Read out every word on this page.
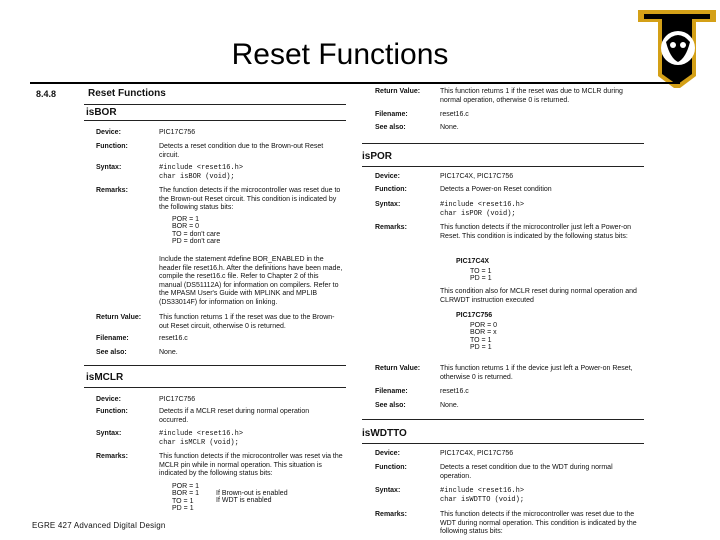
Reset Functions
8.4.8	Reset Functions
isBOR
Device:	PIC17C756
Function:	Detects a reset condition due to the Brown-out Reset circuit.
Syntax:	#include <reset16.h>
char isBOR (void);
Remarks:	The function detects if the microcontroller was reset due to the Brown-out Reset circuit. This condition is indicated by the following status bits:
POR = 1
BOR = 0
TO = don't care
PD = don't care
Include the statement #define BOR_ENABLED in the header file reset16.h. After the definitions have been made, compile the reset16.c file. Refer to Chapter 2 of this manual (DS51112A) for information on compilers. Refer to the MPASM User's Guide with MPLINK and MPLIB (DS33014F) for information on linking.
Return Value:	This function returns 1 if the reset was due to the Brown- out Reset circuit, otherwise 0 is returned.
Filename:	reset16.c
See also:	None.
isMCLR
Device:	PIC17C756
Function:	Detects if a MCLR reset during normal operation occurred.
Syntax:	#include <reset16.h>
char isMCLR (void);
Remarks:	This function detects if the microcontroller was reset via the MCLR pin while in normal operation. This situation is indicated by the following status bits:
POR = 1
BOR = 1
TO = 1
PD = 1
If Brown-out is enabled
If WDT is enabled
Return Value:	This function returns 1 if the reset was due to MCLR during normal operation, otherwise 0 is returned.
Filename:	reset16.c
See also:	None.
isPOR
Device:	PIC17C4X, PIC17C756
Function:	Detects a Power-on Reset condition
Syntax:	#include <reset16.h>
char isPOR (void);
Remarks:	This function detects if the microcontroller just left a Power-on Reset. This condition is indicated by the following status bits:
PIC17C4X
TO = 1
PD = 1
This condition also for MCLR reset during normal operation and CLRWDT instruction executed
PIC17C756
POR = 0
BOR = x
TO = 1
PD = 1
Return Value:	This function returns 1 if the device just left a Power-on Reset, otherwise 0 is returned.
Filename:	reset16.c
See also:	None.
isWDTTO
Device:	PIC17C4X, PIC17C756
Function:	Detects a reset condition due to the WDT during normal operation.
Syntax:	#include <reset16.h>
char isWDTTO (void);
Remarks:	This function detects if the microcontroller was reset due to the WDT during normal operation. This condition is indicated by the following status bits:
EGRE 427 Advanced Digital Design
